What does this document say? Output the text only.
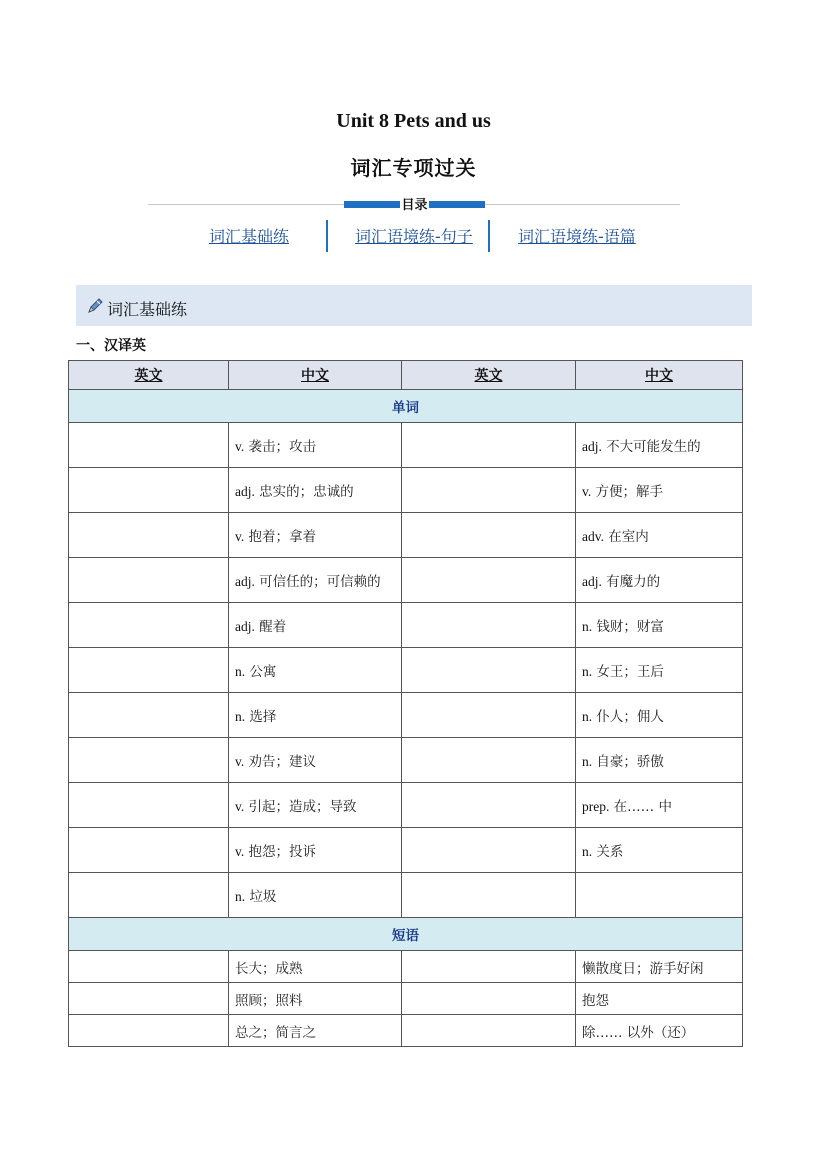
Unit 8 Pets and us
词汇专项过关
目录
词汇基础练	词汇语境练-句子	词汇语境练-语篇
词汇基础练
一、汉译英
英文	中文	英文	中文
单词			
	v. 袭击；攻击		adj. 不大可能发生的
	adj. 忠实的；忠诚的		v. 方便；解手
	v. 抱着；拿着		adv. 在室内
	adj. 可信任的；可信赖的		adj. 有魔力的
	adj. 醒着		n. 钱财；财富
	n. 公寓		n. 女王；王后
	n. 选择		n. 仆人；佣人
	v. 劝告；建议		n. 自豪；骄傲
	v. 引起；造成；导致		prep. 在…… 中
	v. 抱怨；投诉		n. 关系
	n. 垃圾		
短语			
	长大；成熟		懒散度日；游手好闲
	照顾；照料		抱怨
	总之；简言之		除…… 以外（还）
